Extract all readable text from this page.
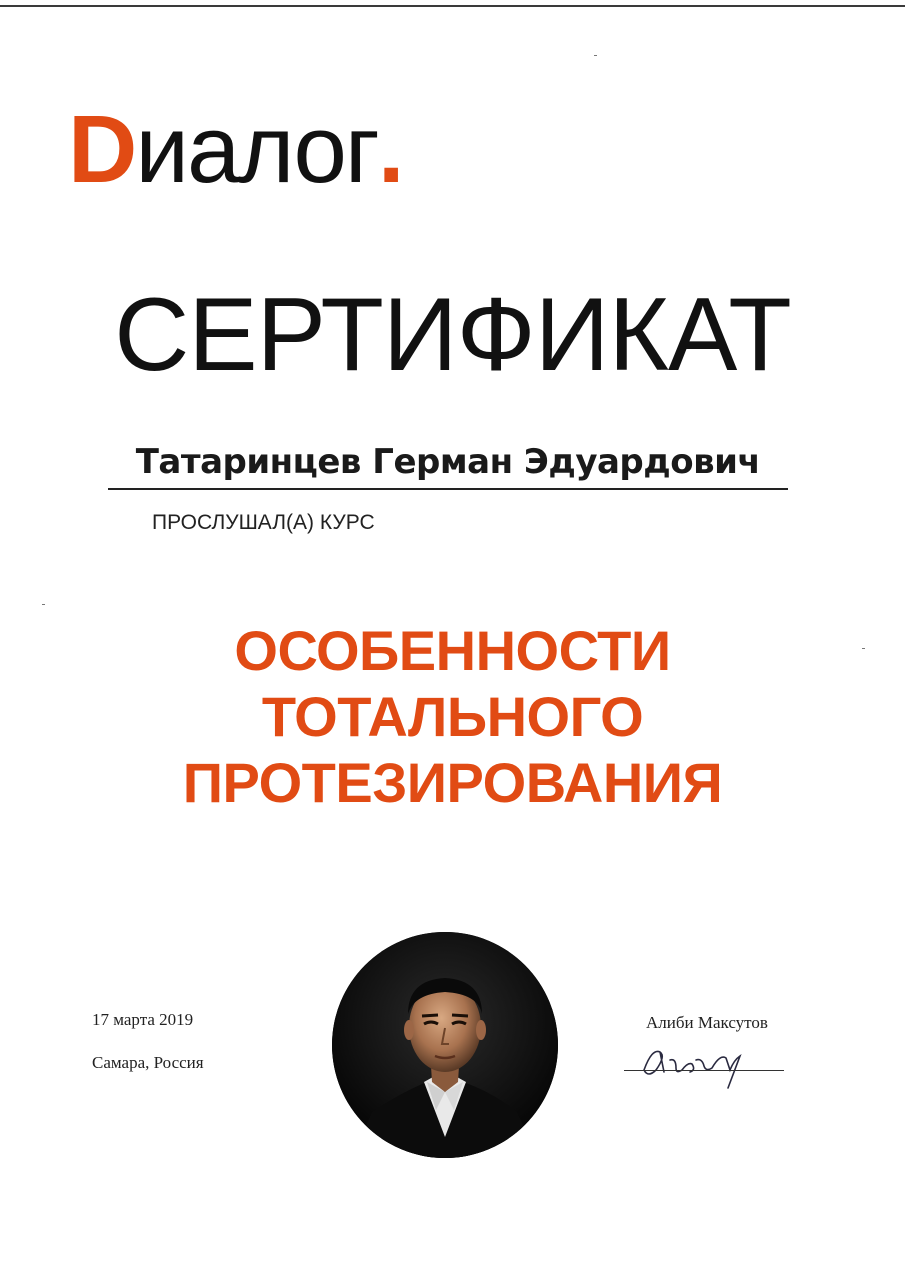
Dиалог.
СЕРТИФИКАТ
Татаринцев Герман Эдуардович
ПРОСЛУШАЛ(А) КУРС
ОСОБЕННОСТИ
ТОТАЛЬНОГО
ПРОТЕЗИРОВАНИЯ
17 марта 2019
Самара, Россия
Алиби Максутов
